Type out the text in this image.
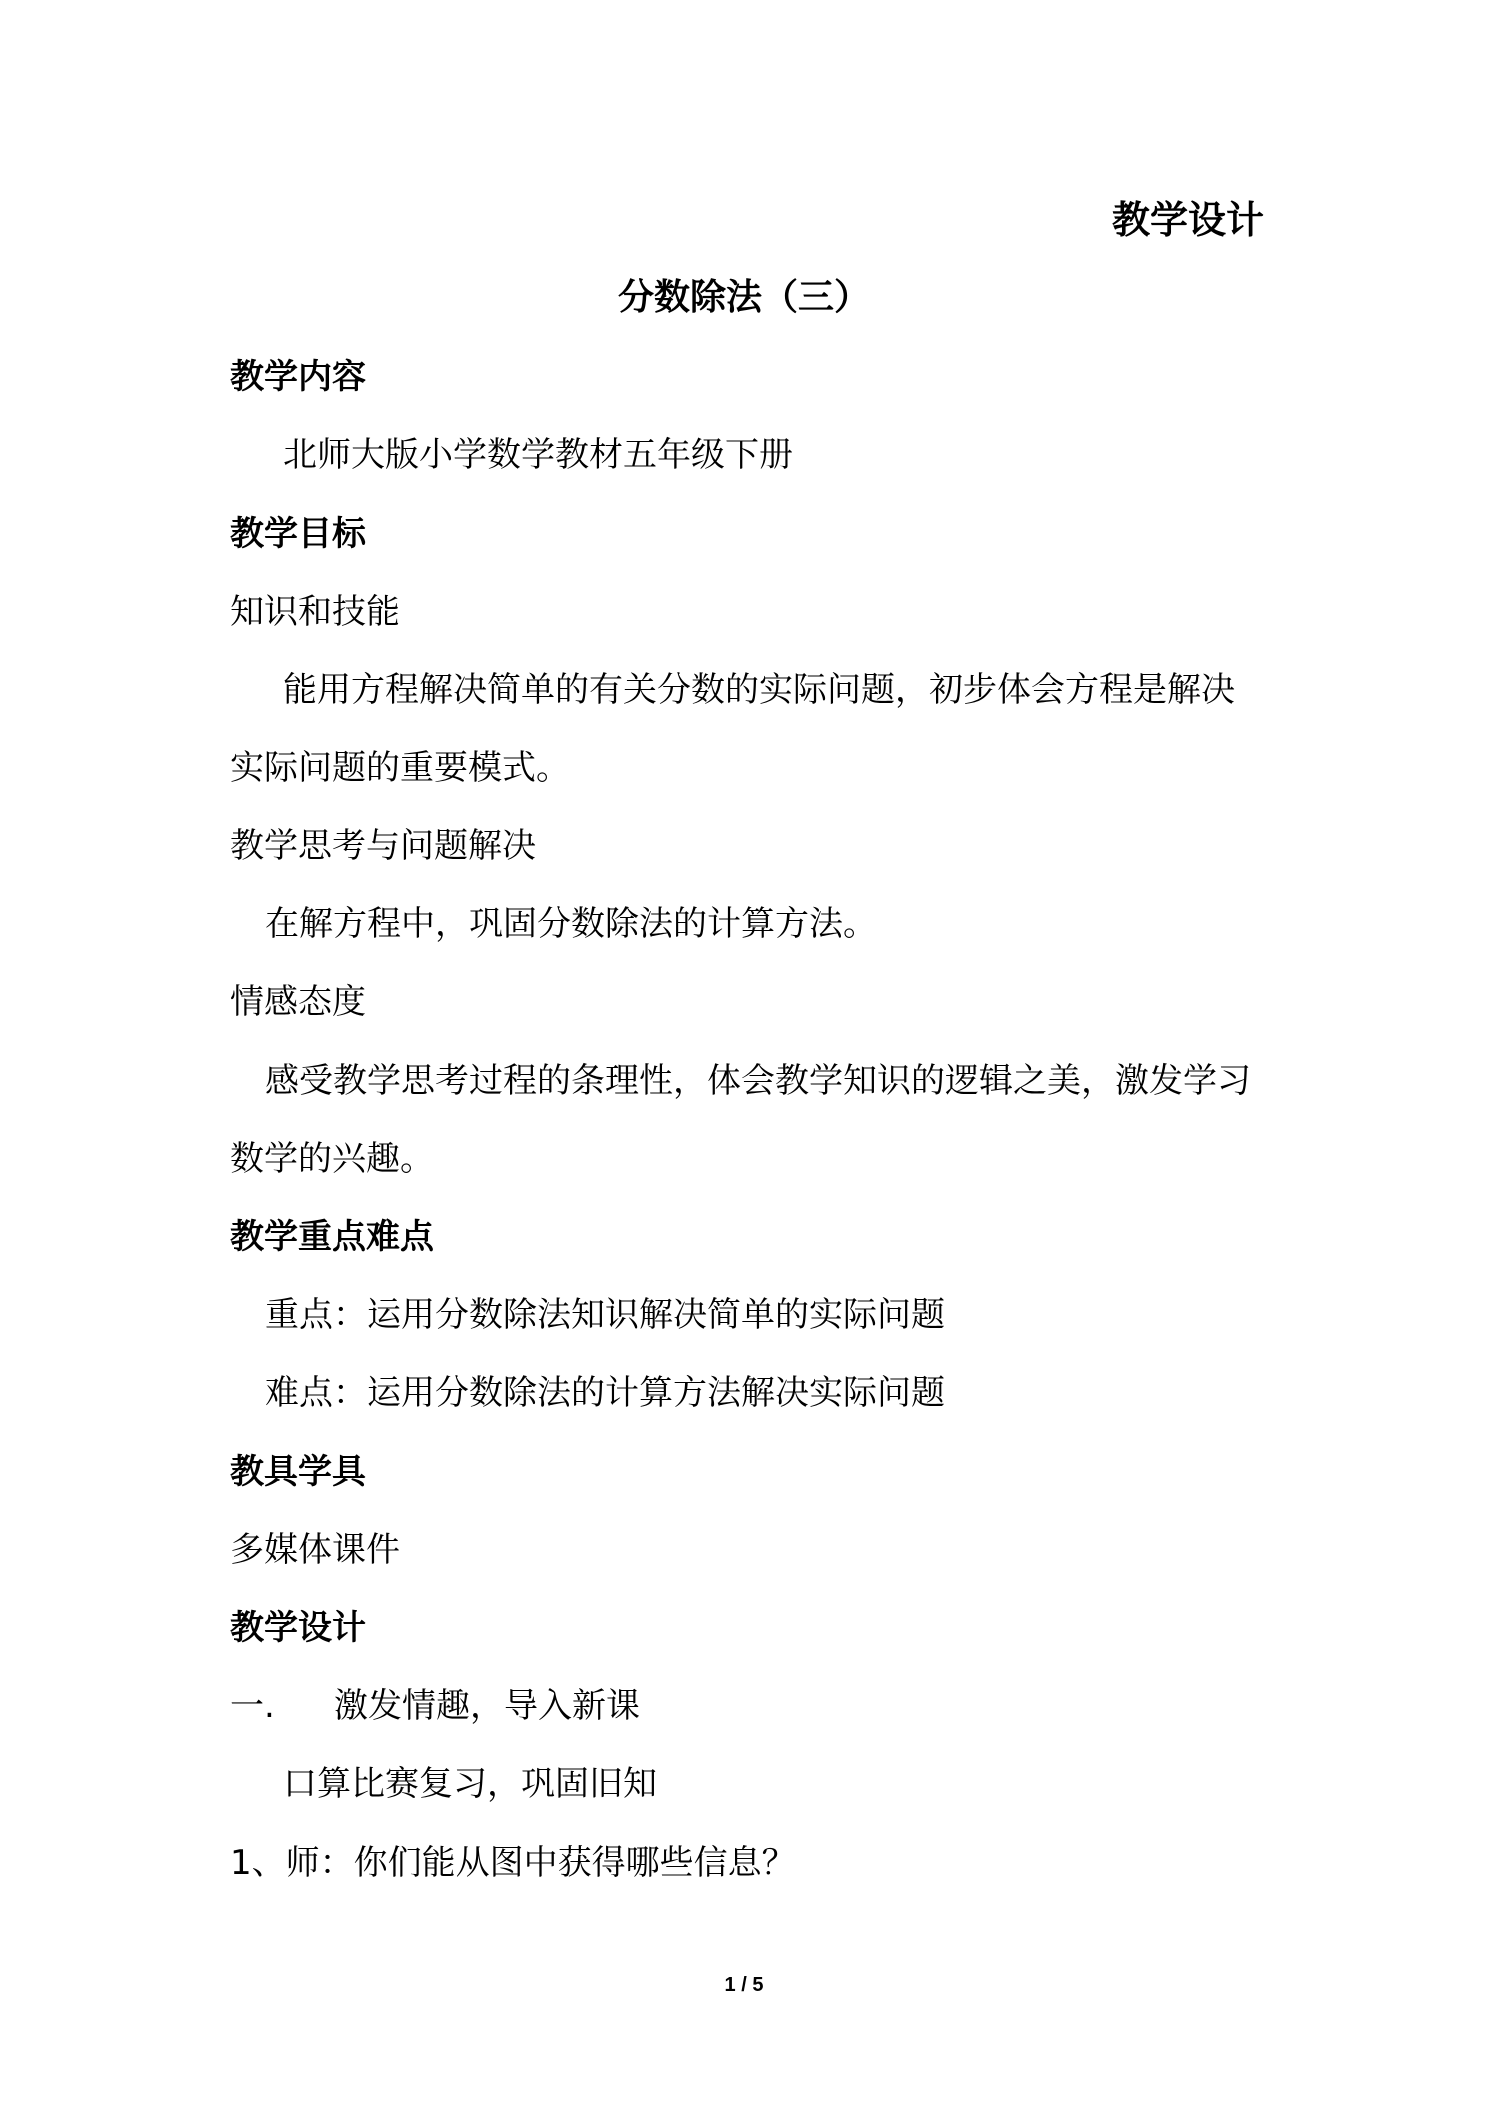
教学设计
分数除法（三）
教学内容
北师大版小学数学教材五年级下册
教学目标
知识和技能
能用方程解决简单的有关分数的实际问题，初步体会方程是解决
实际问题的重要模式。
教学思考与问题解决
在解方程中，巩固分数除法的计算方法。
情感态度
感受教学思考过程的条理性，体会教学知识的逻辑之美，激发学习
数学的兴趣。
教学重点难点
重点：运用分数除法知识解决简单的实际问题
难点：运用分数除法的计算方法解决实际问题
教具学具
多媒体课件
教学设计
一. 激发情趣，导入新课
口算比赛复习，巩固旧知
1、师：你们能从图中获得哪些信息？
1 / 5
